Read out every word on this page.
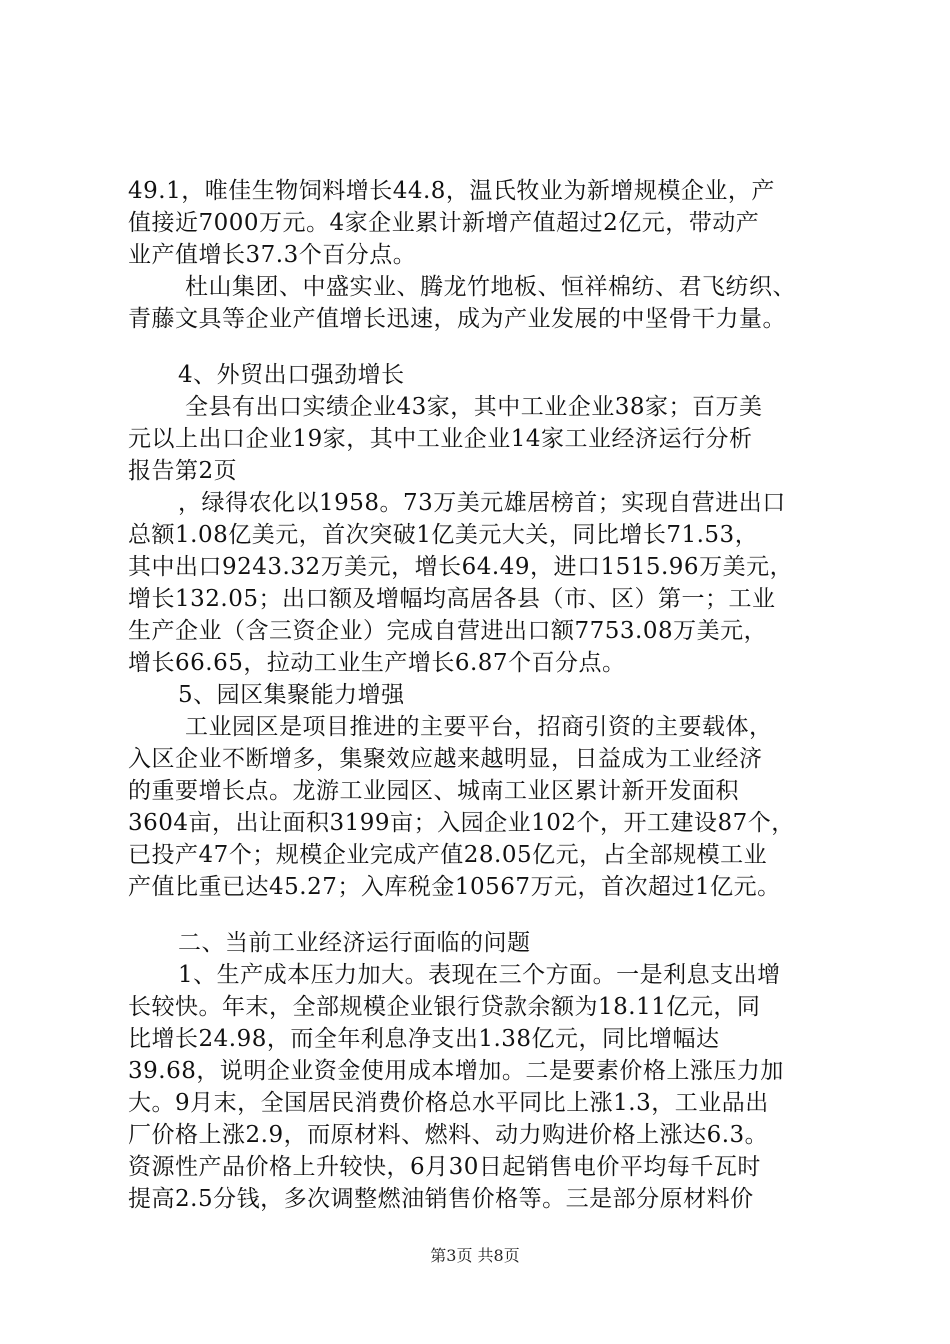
49.1，唯佳生物饲料增长44.8，温氏牧业为新增规模企业，产
值接近7000万元。4家企业累计新增产值超过2亿元，带动产
业产值增长37.3个百分点。
杜山集团、中盛实业、腾龙竹地板、恒祥棉纺、君飞纺织、
青藤文具等企业产值增长迅速，成为产业发展的中坚骨干力量。
4、外贸出口强劲增长
全县有出口实绩企业43家，其中工业企业38家；百万美
元以上出口企业19家，其中工业企业14家工业经济运行分析
报告第2页
，绿得农化以1958。73万美元雄居榜首；实现自营进出口
总额1.08亿美元，首次突破1亿美元大关，同比增长71.53，
其中出口9243.32万美元，增长64.49，进口1515.96万美元，
增长132.05；出口额及增幅均高居各县（市、区）第一；工业
生产企业（含三资企业）完成自营进出口额7753.08万美元，
增长66.65，拉动工业生产增长6.87个百分点。
5、园区集聚能力增强
工业园区是项目推进的主要平台，招商引资的主要载体，
入区企业不断增多，集聚效应越来越明显，日益成为工业经济
的重要增长点。龙游工业园区、城南工业区累计新开发面积
3604亩，出让面积3199亩；入园企业102个，开工建设87个，
已投产47个；规模企业完成产值28.05亿元，占全部规模工业
产值比重已达45.27；入库税金10567万元，首次超过1亿元。
二、当前工业经济运行面临的问题
1、生产成本压力加大。表现在三个方面。一是利息支出增
长较快。年末，全部规模企业银行贷款余额为18.11亿元，同
比增长24.98，而全年利息净支出1.38亿元，同比增幅达
39.68，说明企业资金使用成本增加。二是要素价格上涨压力加
大。9月末，全国居民消费价格总水平同比上涨1.3，工业品出
厂价格上涨2.9，而原材料、燃料、动力购进价格上涨达6.3。
资源性产品价格上升较快，6月30日起销售电价平均每千瓦时
提高2.5分钱，多次调整燃油销售价格等。三是部分原材料价
第3页 共8页
